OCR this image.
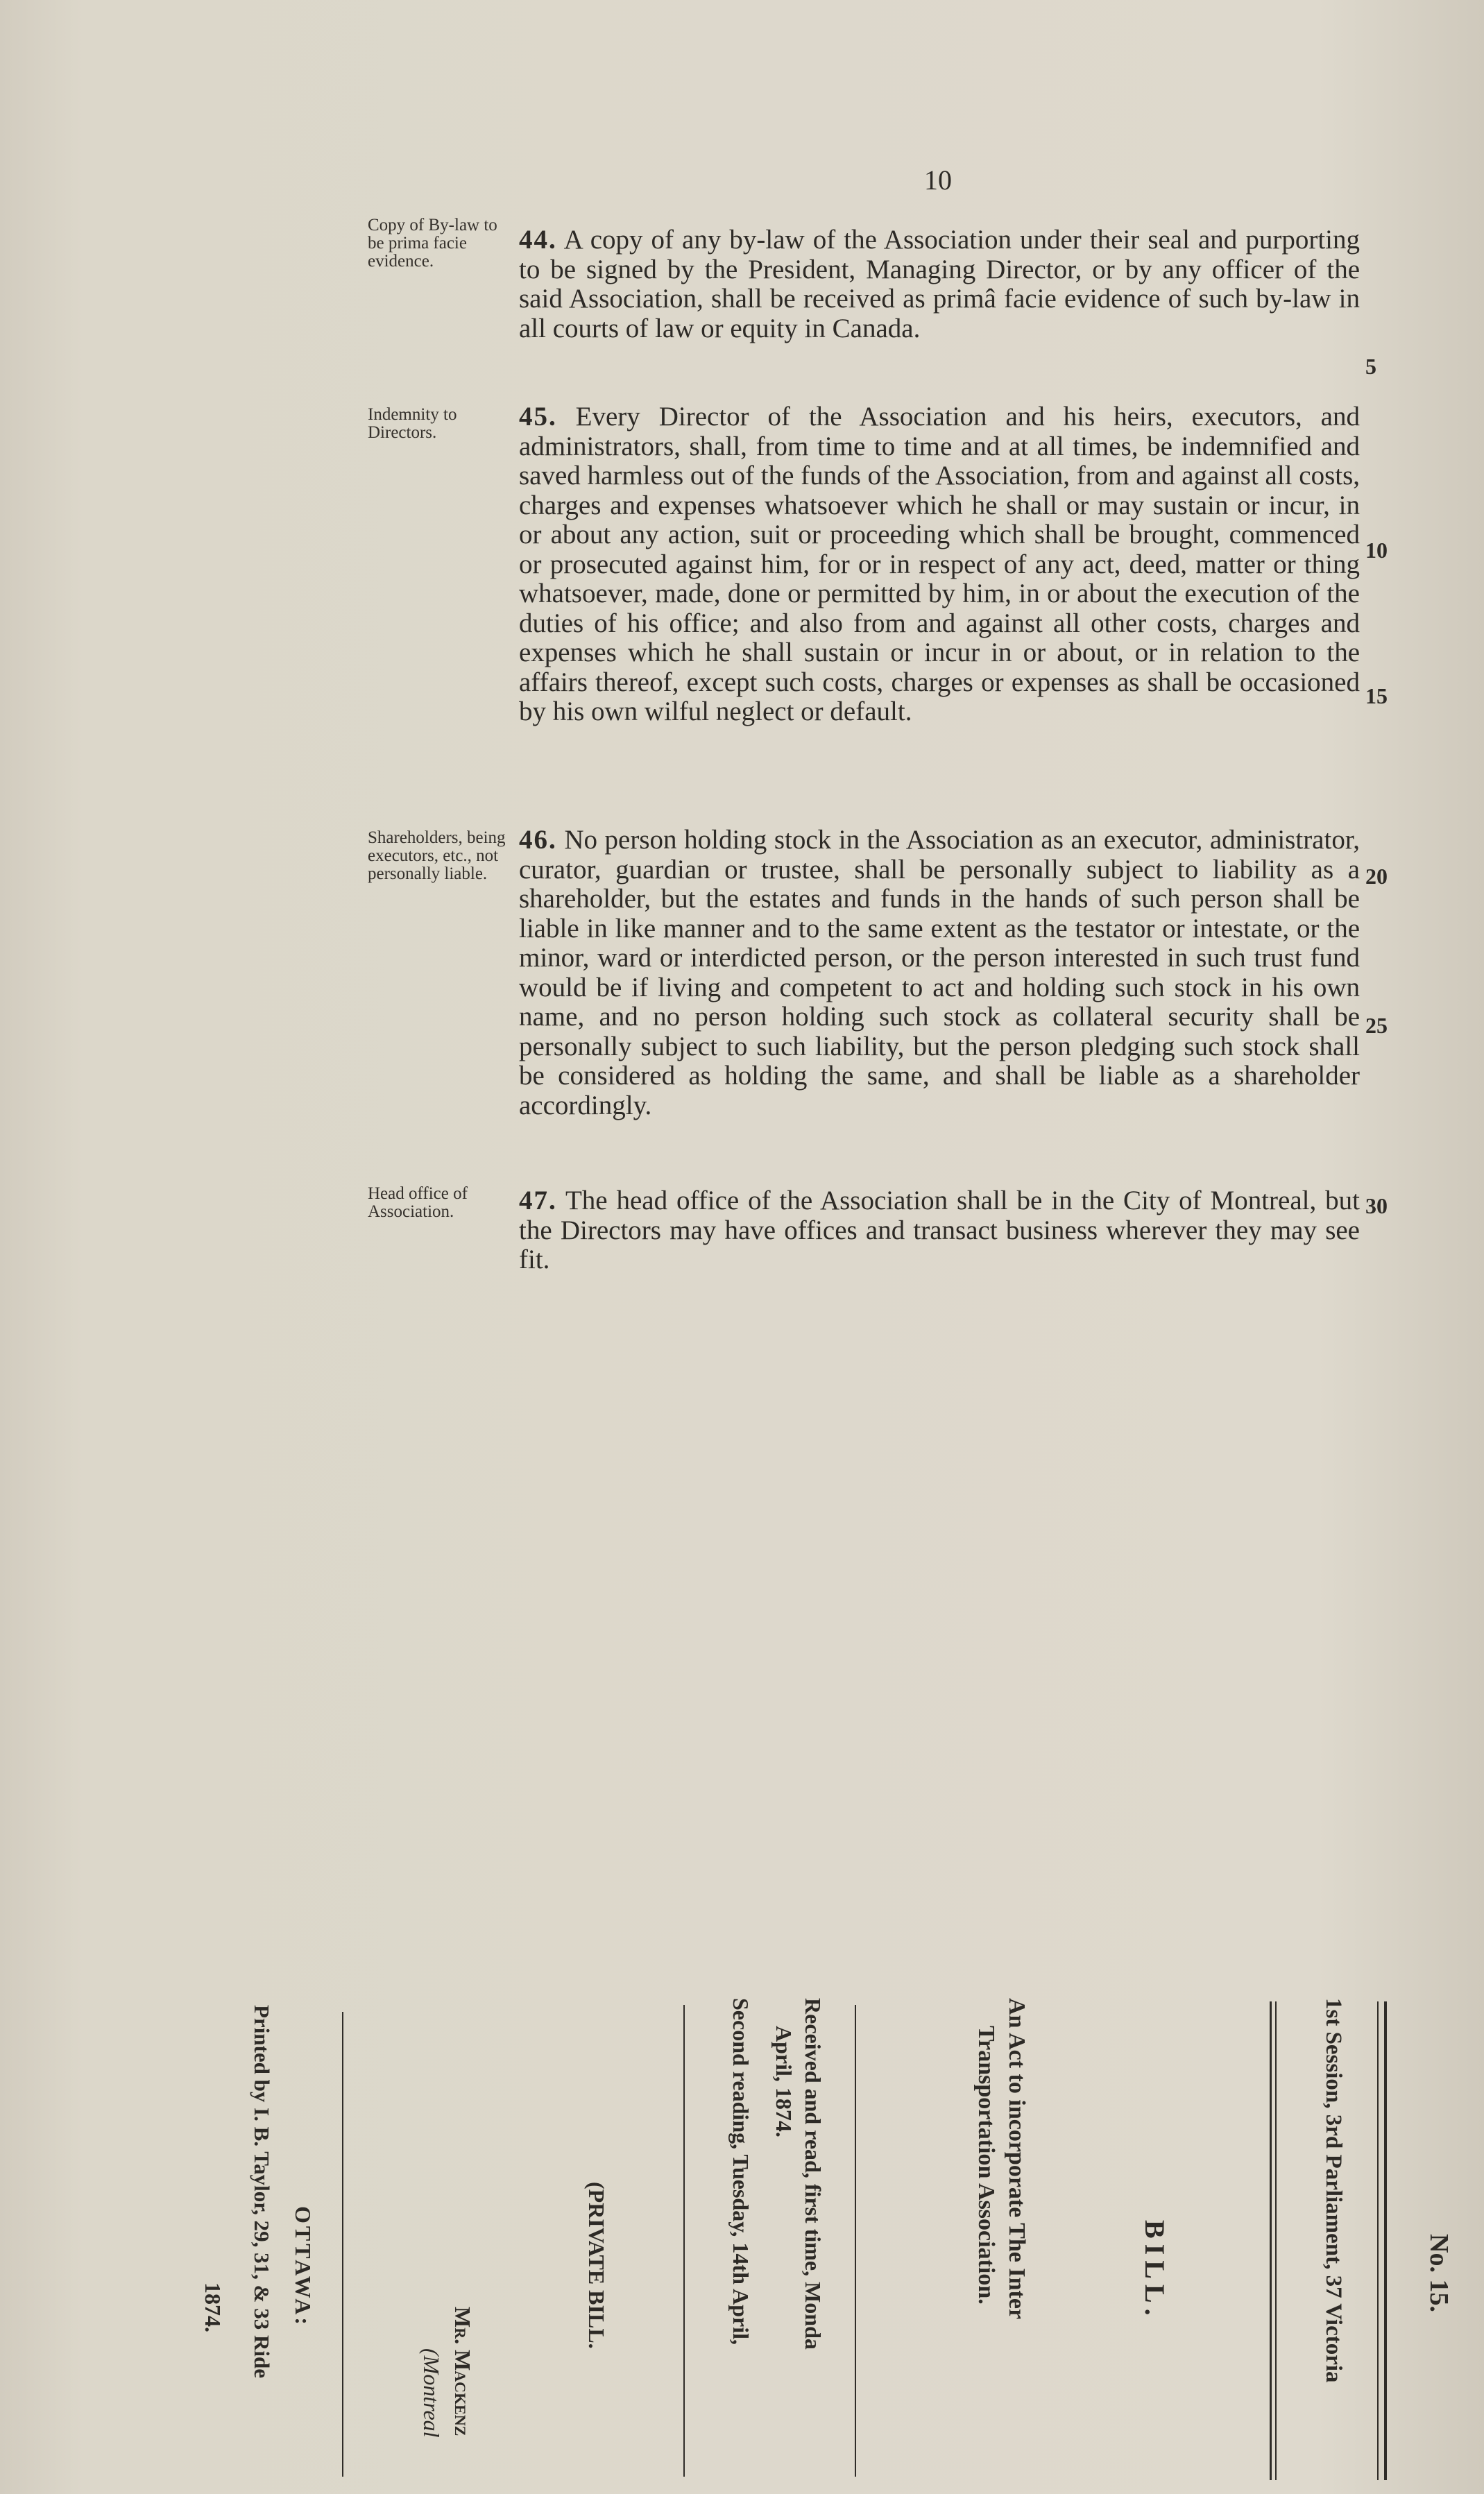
10
Copy of By-law to be prima facie evidence.
44. A copy of any by-law of the Association under their seal and purporting to be signed by the President, Managing Director, or by any officer of the said Association, shall be received as primâ facie evidence of such by-law in all courts of law or equity in Canada.
Indemnity to Directors.
45. Every Director of the Association and his heirs, executors, and administrators, shall, from time to time and at all times, be indemnified and saved harmless out of the funds of the Association, from and against all costs, charges and expenses whatsoever which he shall or may sustain or incur, in or about any action, suit or proceeding which shall be brought, commenced or prosecuted against him, for or in respect of any act, deed, matter or thing whatsoever, made, done or permitted by him, in or about the execution of the duties of his office; and also from and against all other costs, charges and expenses which he shall sustain or incur in or about, or in relation to the affairs thereof, except such costs, charges or expenses as shall be occasioned by his own wilful neglect or default.
Shareholders, being executors, etc., not personally liable.
46. No person holding stock in the Association as an executor, administrator, curator, guardian or trustee, shall be personally subject to liability as a shareholder, but the estates and funds in the hands of such person shall be liable in like manner and to the same extent as the testator or intestate, or the minor, ward or interdicted person, or the person interested in such trust fund would be if living and competent to act and holding such stock in his own name, and no person holding such stock as collateral security shall be personally subject to such liability, but the person pledging such stock shall be considered as holding the same, and shall be liable as a shareholder accordingly.
Head office of Association.	47. The head office of the Association shall be in the City of Montreal, but the Directors may have offices and transact business wherever they may see fit.
5
10
15
20
25
30
No. 15.
1st Session, 3rd Parliament, 37 Victoria
BILL.
An Act to incorporate The Inter
Transportation Association.
Received and read, first time, Monda
April, 1874.
Second reading, Tuesday, 14th April,
(PRIVATE BILL.
Mr. Mackenz
(Montreal
OTTAWA:
Printed by I. B. Taylor, 29, 31, & 33 Ride
1874.
